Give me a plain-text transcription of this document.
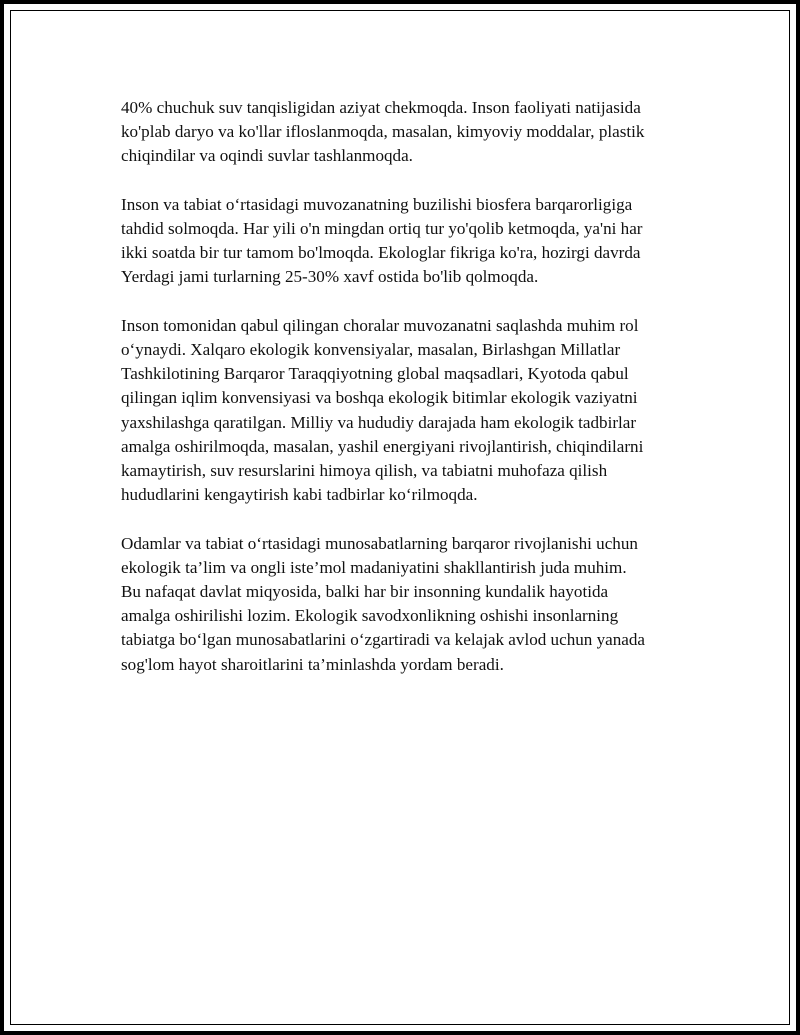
40% chuchuk suv tanqisligidan aziyat chekmoqda. Inson faoliyati natijasida
ko'plab daryo va ko'llar ifloslanmoqda, masalan, kimyoviy moddalar, plastik
chiqindilar va oqindi suvlar tashlanmoqda.

Inson va tabiat o‘rtasidagi muvozanatning buzilishi biosfera barqarorligiga
tahdid solmoqda. Har yili o'n mingdan ortiq tur yo'qolib ketmoqda, ya'ni har
ikki soatda bir tur tamom bo'lmoqda. Ekologlar fikriga ko'ra, hozirgi davrda
Yerdagi jami turlarning 25-30% xavf ostida bo'lib qolmoqda.

Inson tomonidan qabul qilingan choralar muvozanatni saqlashda muhim rol
o‘ynaydi. Xalqaro ekologik konvensiyalar, masalan, Birlashgan Millatlar
Tashkilotining Barqaror Taraqqiyotning global maqsadlari, Kyotoda qabul
qilingan iqlim konvensiyasi va boshqa ekologik bitimlar ekologik vaziyatni
yaxshilashga qaratilgan. Milliy va hududiy darajada ham ekologik tadbirlar
amalga oshirilmoqda, masalan, yashil energiyani rivojlantirish, chiqindilarni
kamaytirish, suv resurslarini himoya qilish, va tabiatni muhofaza qilish
hududlarini kengaytirish kabi tadbirlar ko‘rilmoqda.

Odamlar va tabiat o‘rtasidagi munosabatlarning barqaror rivojlanishi uchun
ekologik ta’lim va ongli iste’mol madaniyatini shakllantirish juda muhim.
Bu nafaqat davlat miqyosida, balki har bir insonning kundalik hayotida
amalga oshirilishi lozim. Ekologik savodxonlikning oshishi insonlarning
tabiatga bo‘lgan munosabatlarini o‘zgartiradi va kelajak avlod uchun yanada
sog'lom hayot sharoitlarini ta’minlashda yordam beradi.
